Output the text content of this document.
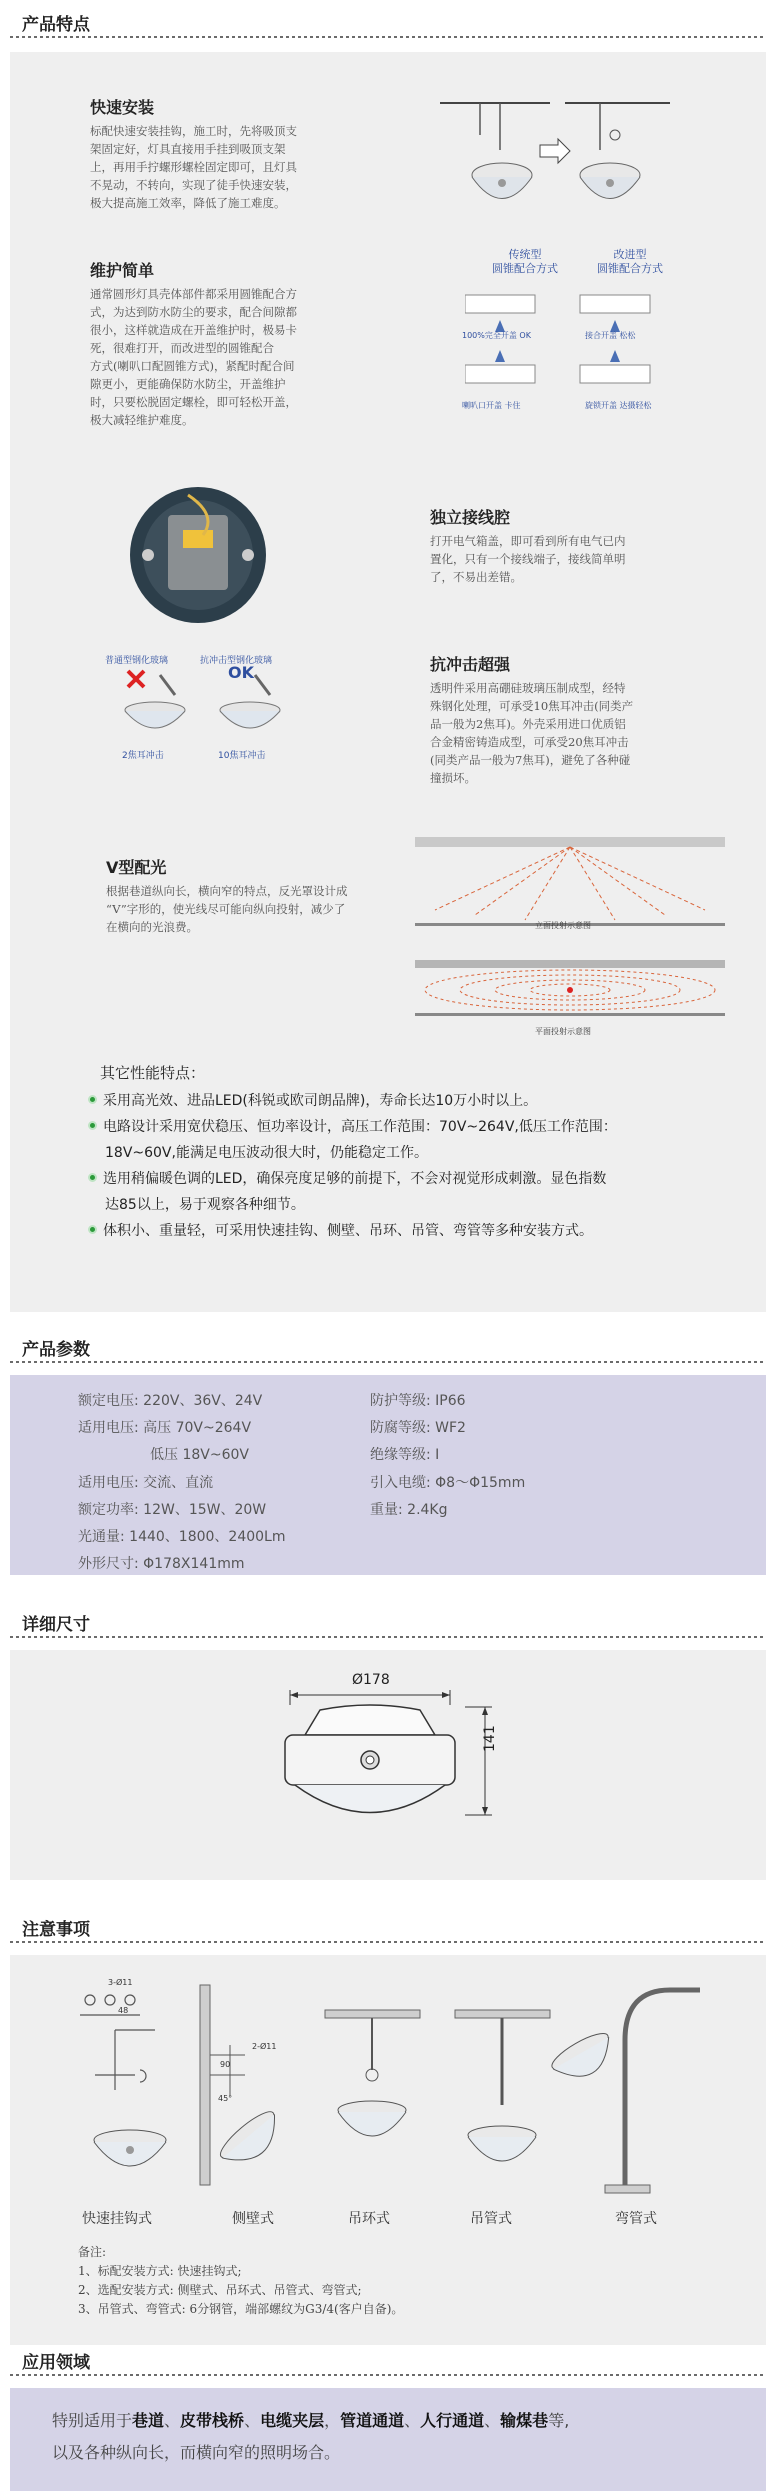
产品特点
快速安装
标配快速安装挂钩，施工时，先将吸顶支
架固定好，灯具直接用手挂到吸顶支架
上，再用手拧螺形螺栓固定即可，且灯具
不晃动，不转向，实现了徒手快速安装，
极大提高施工效率，降低了施工难度。
维护简单
通常圆形灯具壳体部件都采用圆锥配合方
式，为达到防水防尘的要求，配合间隙都
很小，这样就造成在开盖维护时，极易卡
死，很难打开，而改进型的圆锥配合
方式(喇叭口配圆锥方式)，紧配时配合间
隙更小，更能确保防水防尘，开盖维护
时，只要松脱固定螺栓，即可轻松开盖，
极大减轻维护难度。
传统型
圆锥配合方式
改进型
圆锥配合方式
100%完全开盖 OK	接合开盖 松松
喇叭口开盖 卡住	旋锁开盖 达摄轻松
独立接线腔
打开电气箱盖，即可看到所有电气已内
置化，只有一个接线端子，接线简单明
了，不易出差错。
普通型钢化玻璃	抗冲击型钢化玻璃
OK
2焦耳冲击	10焦耳冲击
抗冲击超强
透明件采用高硼硅玻璃压制成型，经特
殊钢化处理，可承受10焦耳冲击(同类产
品一般为2焦耳)。外壳采用进口优质铝
合金精密铸造成型，可承受20焦耳冲击
(同类产品一般为7焦耳)，避免了各种碰
撞损坏。
V型配光
根据巷道纵向长，横向窄的特点，反光罩设计成
“V”字形的，使光线尽可能向纵向投射，减少了
在横向的光浪费。	立面投射示意图
平面投射示意图
其它性能特点：
采用高光效、进品LED(科锐或欧司朗品牌)，寿命长达10万小时以上。
电路设计采用宽伏稳压、恒功率设计，高压工作范围：70V~264V,低压工作范围：
18V~60V,能满足电压波动很大时，仍能稳定工作。
选用稍偏暖色调的LED，确保亮度足够的前提下，不会对视觉形成刺激。显色指数
达85以上，易于观察各种细节。
体积小、重量轻，可采用快速挂钩、侧壁、吊环、吊管、弯管等多种安装方式。
产品参数
额定电压: 220V、36V、24V
适用电压: 高压 70V~264V
低压 18V~60V
适用电压: 交流、直流
额定功率: 12W、15W、20W
光通量: 1440、1800、2400Lm
外形尺寸: Φ178X141mm
防护等级: IP66
防腐等级: WF2
绝缘等级: I
引入电缆: Φ8～Φ15mm
重量: 2.4Kg
详细尺寸
Ø178
141
注意事项
3-Ø11
48
2-Ø11
90
45°
快速挂钩式	侧壁式	吊环式	吊管式	弯管式
备注:
1、标配安装方式: 快速挂钩式;
2、选配安装方式: 侧壁式、吊环式、吊管式、弯管式;
3、吊管式、弯管式: 6分钢管，端部螺纹为G3/4(客户自备)。
应用领域
特别适用于巷道、皮带栈桥、电缆夹层，管道通道、人行通道、输煤巷等,
以及各种纵向长，而横向窄的照明场合。
